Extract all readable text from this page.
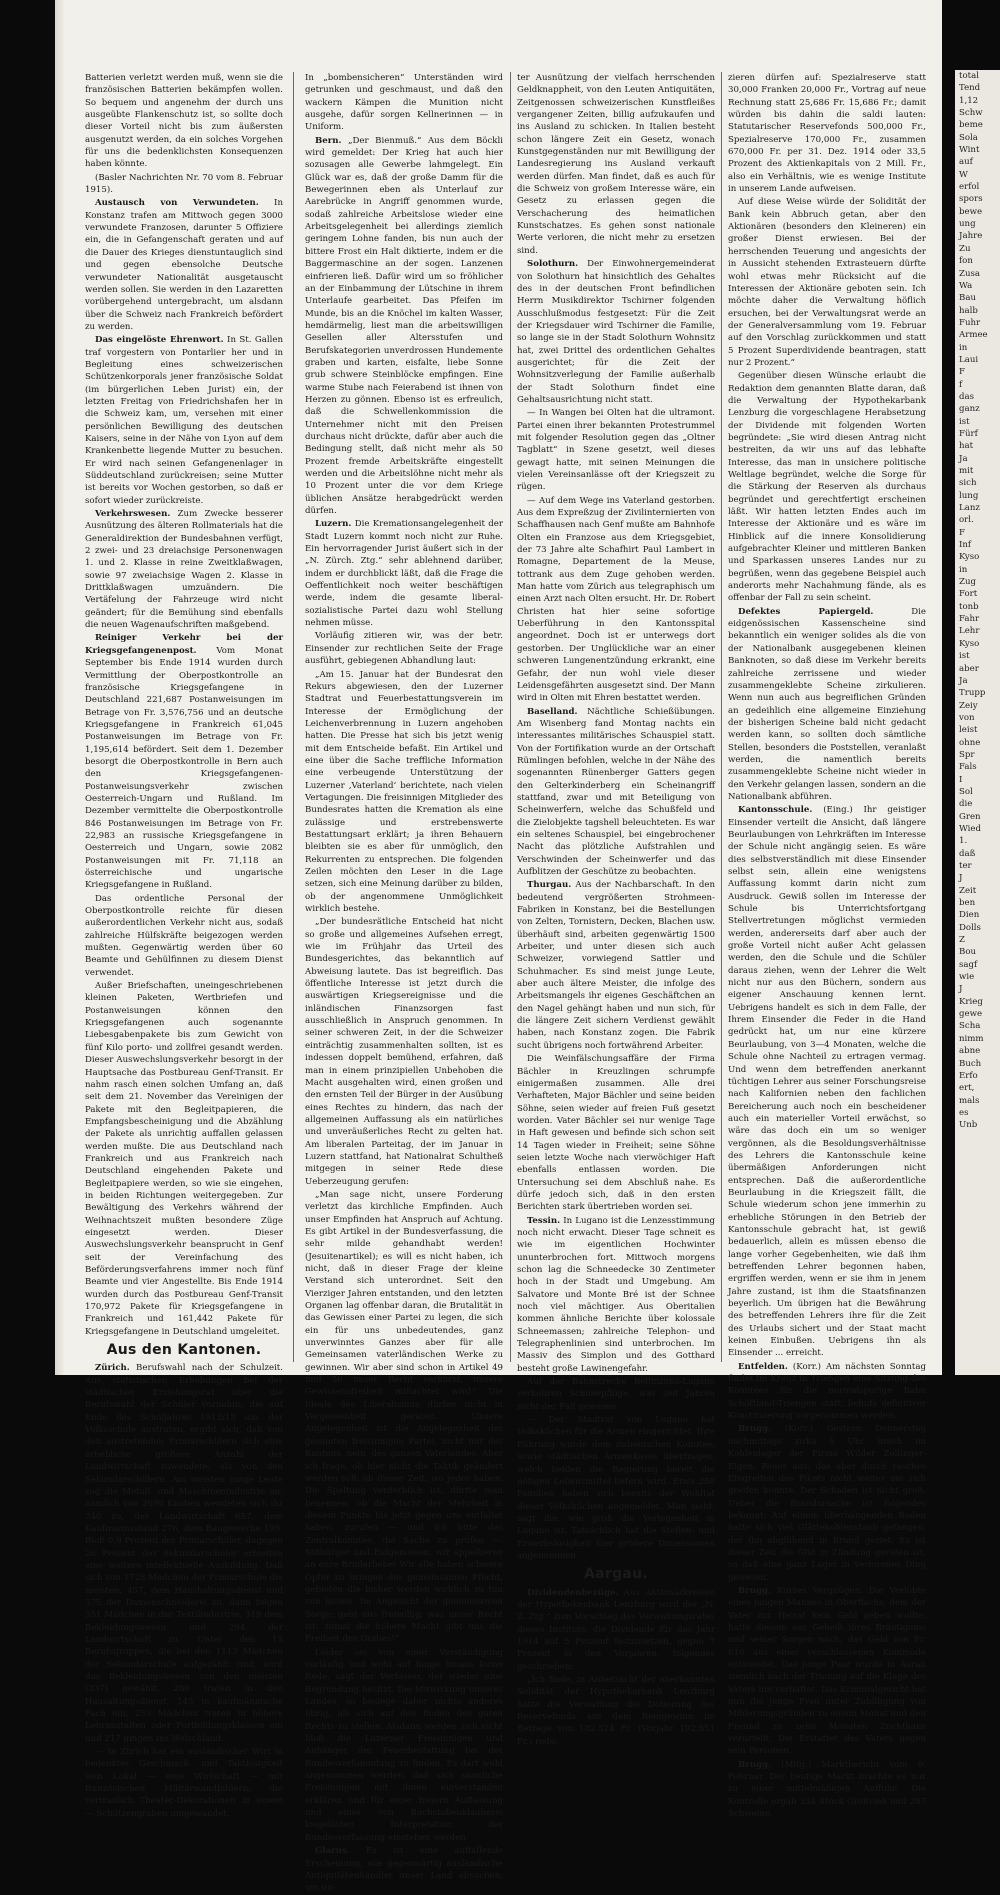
Batterien verletzt werden muß, wenn sie die französischen Batterien bekämpfen wollen. So bequem und angenehm der durch uns ausgeübte Flankenschutz ist, so sollte doch dieser Vorteil nicht bis zum äußersten ausgenutzt werden, da ein solches Vorgehen für uns die bedenklichsten Konsequenzen haben könnte.

(Basler Nachrichten Nr. 70 vom 8. Februar 1915).

Austausch von Verwundeten. In Konstanz trafen am Mittwoch gegen 3000 verwundete Franzosen, darunter 5 Offiziere ein, die in Gefangenschaft geraten und auf die Dauer des Krieges dienstuntauglich sind und gegen ebensolche Deutsche verwundeter Nationalität ausgetauscht werden sollen. Sie werden in den Lazaretten vorübergehend untergebracht, um alsdann über die Schweiz nach Frankreich befördert zu werden.

Das eingelöste Ehrenwort. In St. Gallen traf vorgestern von Pontarlier her und in Begleitung eines schweizerischen Schützenkorporals jener französische Soldat (im bürgerlichen Leben Jurist) ein, der letzten Freitag von Friedrichshafen her in die Schweiz kam, um, versehen mit einer persönlichen Bewilligung des deutschen Kaisers, seine in der Nähe von Lyon auf dem Krankenbette liegende Mutter zu besuchen. Er wird nach seinen Gefangenenlager in Süddeutschland zurückreisen; seine Mutter ist bereits vor Wochen gestorben, so daß er sofort wieder zurückreiste.

Verkehrswesen. Zum Zwecke besserer Ausnützung des älteren Rollmaterials hat die Generaldirektion der Bundesbahnen verfügt, 2 zwei- und 23 dreiachsige Personenwagen 1. und 2. Klasse in reine Zweitklaßwagen, sowie 97 zweiachsige Wagen 2. Klasse in Drittklaßwagen umzuändern. Die Vertäfelung der Fahrzeuge wird nicht geändert; für die Bemühung sind ebenfalls die neuen Wagenaufschriften maßgebend.

Reiniger Verkehr bei der Kriegsgefangenenpost. Vom Monat September bis Ende 1914 wurden durch Vermittlung der Oberpostkontrolle an französische Kriegsgefangene in Deutschland 221,687 Postanweisungen im Betrage von Fr. 3,576,756 und an deutsche Kriegsgefangene in Frankreich 61,045 Postanweisungen im Betrage von Fr. 1,195,614 befördert. Seit dem 1. Dezember besorgt die Oberpostkontrolle in Bern auch den Kriegsgefangenen-Postanweisungsverkehr zwischen Oesterreich-Ungarn und Rußland. Im Dezember vermittelte die Oberpostkontrolle 846 Postanweisungen im Betrage von Fr. 22,983 an russische Kriegsgefangene in Oesterreich und Ungarn, sowie 2082 Postanweisungen mit Fr. 71,118 an österreichische und ungarische Kriegsgefangene in Rußland.

Das ordentliche Personal der Oberpostkontrolle reichte für diesen außerordentlichen Verkehr nicht aus, sodaß zahlreiche Hülfskräfte beigezogen werden mußten. Gegenwärtig werden über 60 Beamte und Gehülfinnen zu diesem Dienst verwendet.

Außer Briefschaften, uneingeschriebenen kleinen Paketen, Wertbriefen und Postanweisungen können den Kriegsgefangenen auch sogenannte Liebesgabenpakete bis zum Gewicht von fünf Kilo porto- und zollfrei gesandt werden. Dieser Auswechslungsverkehr besorgt in der Hauptsache das Postbureau Genf-Transit. Er nahm rasch einen solchen Umfang an, daß seit dem 21. November das Vereinigen der Pakete mit den Begleitpapieren, die Empfangsbescheinigung und die Abzählung der Pakete als unrichtig auffallen gelassen werden mußte. Die aus Deutschland nach Frankreich und aus Frankreich nach Deutschland eingehenden Pakete und Begleitpapiere werden, so wie sie eingehen, in beiden Richtungen weitergegeben. Zur Bewältigung des Verkehrs während der Weihnachtszeit mußten besondere Züge eingesetzt werden. Dieser Auswechslungsverkehr beansprucht in Genf seit der Vereinfachung des Beförderungsverfahrens immer noch fünf Beamte und vier Angestellte. Bis Ende 1914 wurden durch das Postbureau Genf-Transit 170,972 Pakete für Kriegsgefangene in Frankreich und 161,442 Pakete für Kriegsgefangene in Deutschland umgeleitet.

Aus den Kantonen.

Zürich. Berufswahl nach der Schulzeit. Aus statistischen Erhebungen bei der städtischen Erziehungsrat über die Berufswahl der Schüler vornahm, die auf Ende des Schuljahres 1912/13 aus der Volksschule austraten, ergibt sich, daß von den austretenden Primarschülern sich eine erhebliche größere Anzahl der Landwirtschaft zuwendete, als von den Sekundarschülern. Am meisten junge Leute zog die Metall- und Maschinenindustrie an, nämlich von 2698 Knaben wendeten sich ihr 740 zu, der Landwirtschaft 657, dem Kaufmannsstand 276, dem Baugewerbe 195. Bloß 0,9 Prozent der Primarschüler, dagegen 26 Prozent der Sekundarschüler erhielten eine weitere intellektuelle Ausbildung. Daß sich von 1728 Mädchen der Primarschule die meisten, 457, dem Haushaltungsdienst und 375 der Damenschneiderei zu, dann folgen 351 Mädchen in der Textilindustrie, 319 dem Bekleidungswesen und 294 der Landwirtschaft zu. Unter den 13 Berufsgruppen, die bei den 1113 Mädchen der Sekundarschule aufgezählt sind, wird das Bekleidungswesen von den meisten (337) gewählt, 280 traten in den Hausaltungsdienst, 145 in kaufmännische Fach ein; 253 Mädchen traten in höhere Lehranstalten oder Fortbildungsklassen ein und 217 gingen ins Welschland.

— In Zürich hat ein ausländischer Wirt in bedenkter Geschmack- und Taktlosigkeit sein Lokal — eine Wirtschaft — mit französischen Militärwandbildern, die vertraulich Theater-Dekorationen in einem — Schützengraben umgewandet.

In „bombensicheren“ Unterständen wird getrunken und geschmaust, und daß den wackern Kämpen die Munition nicht ausgehe, dafür sorgen Kellnerinnen — in Uniform.

Bern. „Der Bienmuß.“ Aus dem Böckli wird gemeldet: Der Krieg hat auch hier sozusagen alle Gewerbe lahmgelegt. Ein Glück war es, daß der große Damm für die Bewegerinnen eben als Unterlauf zur Aarebrücke in Angriff genommen wurde, sodaß zahlreiche Arbeitslose wieder eine Arbeitsgelegenheit bei allerdings ziemlich geringem Lohne fanden, bis nun auch der bittere Frost ein Halt diktierte, indem er die Baggermaschine an der sogen. Lanzenen einfrieren ließ. Dafür wird um so fröhlicher an der Einbammung der Lütschine in ihrem Unterlaufe gearbeitet. Das Pfeifen im Munde, bis an die Knöchel im kalten Wasser, hemdärmelig, liest man die arbeitswilligen Gesellen aller Altersstufen und Berufskategorien unverdrossen Hundemente graben und karten, eisfalte, liebe Sonne grub schwere Steinblöcke empfingen. Eine warme Stube nach Feierabend ist ihnen von Herzen zu gönnen. Ebenso ist es erfreulich, daß die Schwellenkommission die Unternehmer nicht mit den Preisen durchaus nicht drückte, dafür aber auch die Bedingung stellt, daß nicht mehr als 50 Prozent fremde Arbeitskräfte eingestellt werden und die Arbeitslöhne nicht mehr als 10 Prozent unter die vor dem Kriege üblichen Ansätze herabgedrückt werden dürfen.

Luzern. Die Kremationsangelegenheit der Stadt Luzern kommt noch nicht zur Ruhe. Ein hervorragender Jurist äußert sich in der „N. Zürch. Ztg.“ sehr ablehnend darüber, indem er durchblickt läßt, daß die Frage die Oeffentlichkeit noch weiter beschäftigen werde, indem die gesamte liberal-sozialistische Partei dazu wohl Stellung nehmen müsse.

Vorläufig zitieren wir, was der betr. Einsender zur rechtlichen Seite der Frage ausführt, gebiegenen Abhandlung laut:

„Am 15. Januar hat der Bundesrat den Rekurs abgewiesen, den der Luzerner Stadtrat und Feuerbestattungsverein im Interesse der Ermöglichung der Leichenverbrennung in Luzern angehoben hatten. Die Presse hat sich bis jetzt wenig mit dem Entscheide befaßt. Ein Artikel und eine über die Sache treffliche Information eine verbeugende Unterstützung der Luzerner ‚Vaterland‘ berichtete, nach vielen Vertagungen. Die freisinnigen Mitglieder des Bundesrates hatten die Kremation als eine zulässige und erstrebenswerte Bestattungsart erklärt; ja ihren Behauern bleibten sie es aber für unmöglich, den Rekurrenten zu entsprechen. Die folgenden Zeilen möchten den Leser in die Lage setzen, sich eine Meinung darüber zu bilden, ob der angenommene Unmöglichkeit wirklich bestehe.

„Der bundesrätliche Entscheid hat nicht so große und allgemeines Aufsehen erregt, wie im Frühjahr das Urteil des Bundesgerichtes, das bekanntlich auf Abweisung lautete. Das ist begreiflich. Das öffentliche Interesse ist jetzt durch die auswärtigen Kriegsereignisse und die inländischen Finanzsorgen fast ausschließlich in Anspruch genommen. In seiner schweren Zeit, in der die Schweizer einträchtig zusammenhalten sollten, ist es indessen doppelt bemühend, erfahren, daß man in einem prinzipiellen Unbehoben die Macht ausgehalten wird, einen großen und den ernsten Teil der Bürger in der Ausübung eines Rechtes zu hindern, das nach der allgemeinen Auffassung als ein natürliches und unveräußerliches Recht zu gelten hat. Am liberalen Parteitag, der im Januar in Luzern stattfand, hat Nationalrat Schultheß mitgegen in seiner Rede diese Ueberzeugung gerufen:

„Man sage nicht, unsere Forderung verletzt das kirchliche Empfinden. Auch unser Empfinden hat Anspruch auf Achtung. Es gibt Artikel in der Bundesverfassung, die sehr milde gehandhabt werden! (Jesuitenartikel); es will es nicht haben, ich nicht, daß in dieser Frage der kleine Verstand sich unterordnet. Seit den Vierziger Jahren entstanden, und den letzten Organen lag offenbar daran, die Brutalität in das Gewissen einer Partei zu legen, die sich ein für uns unbedeutendes, ganz unverwinntes Ganzes aber für alle Gemeinsamen vaterländischen Werke zu gewinnen. Wir aber sind schon in Artikel 49 und 50 unser Recht verkürzt, unsere Gewissensfreiheit mißachtet wird? Die Ideale des Liberalismus dürfen nicht in Vergessenheit geraten. Unsere Angelegenheit ist die Angelegenheit der gesamten freisinnigen Partei, nicht nur des Kantons, nein, des ganzen Vaterlandes. Aber ich frage, ob hier nicht die Taktik geändert werden soll; ob dieser Zeit, wo jeder haben. Die Spaltung verderblich ist, dürfte man benennen, ob die Macht der Mehrheit in diesem Punkte bis jetzt gegen uns entfaltet haben, zurufen — und ich bitte das Zentralkomitee, die Sache zu prüfen —: Mitbürger und Eidgenossen, wir appellieren an eure Bruderliebe! Wir alle haben schwere Opfer zu bringen der gemeinsamen Pflicht, gebieten die bisher werden wirklich zu tun von lassen. Im Angesicht der gemeinsamen Sorge: gebt uns freiwillig, was unser Recht ist: zumal die höhere Macht gibt uns die Freiheit des Grabes!“

Leider sei von einer Verständigung vorläufig und wohl auf lange hinaus keine Rede, sagt der Verfasser, der wieder eine Begründung besitzt. Die Mitwirkung unseres Landes, so besiege daher nichts anderes übrig, als sich auf den Boden des guten Rechts zu stellen. Alsdann werden sich nicht bloß die Luzerner Freisinnigen und Anhänger der Feuerbestattung bei der Bundesverfammlung zu finden. Es darf wohl angenommen werden, daß sich sämtliche Freisinnigen mit ihnen einverstanden erklären und für einer freiern Auffassung und einer von Buchstabenklauberei losgelösten Interpretation der Bundesverfassung einstehen werden.

Glarus. Es ist eine auffallende Erscheinung, wie gegenwärtig ausländische Antiquitätenhändler unser Land absuchen, um un-

ter Ausnützung der vielfach herrschenden Geldknappheit, von den Leuten Antiquitäten, Zeitgenossen schweizerischen Kunstfleißes vergangener Zeiten, billig aufzukaufen und ins Ausland zu schicken. In Italien besteht schon längere Zeit ein Gesetz, wonach Kunstgegenständen nur mit Bewilligung der Landesregierung ins Ausland verkauft werden dürfen. Man findet, daß es auch für die Schweiz von großem Interesse wäre, ein Gesetz zu erlassen gegen die Verschacherung des heimatlichen Kunstschatzes. Es gehen sonst nationale Werte verloren, die nicht mehr zu ersetzen sind.

Solothurn. Der Einwohnergemeinderat von Solothurn hat hinsichtlich des Gehaltes des in der deutschen Front befindlichen Herrn Musikdirektor Tschirner folgenden Ausschlußmodus festgesetzt: Für die Zeit der Kriegsdauer wird Tschirner die Familie, so lange sie in der Stadt Solothurn Wohnsitz hat, zwei Drittel des ordentlichen Gehaltes ausgerichtet; für die Zeit der Wohnsitzverlegung der Familie außerhalb der Stadt Solothurn findet eine Gehaltsausrichtung nicht statt.

— In Wangen bei Olten hat die ultramont. Partei einen ihrer bekannten Protestrummel mit folgender Resolution gegen das „Oltner Tagblatt“ in Szene gesetzt, weil dieses gewagt hatte, mit seinen Meinungen die vielen Vereinsanlässe oft der Kriegszeit zu rügen.

— Auf dem Wege ins Vaterland gestorben. Aus dem Expreßzug der Zivilinternierten von Schaffhausen nach Genf mußte am Bahnhofe Olten ein Franzose aus dem Kriegsgebiet, der 73 Jahre alte Schafhirt Paul Lambert in Romagne, Departement de la Meuse, tottrank aus dem Zuge gehoben werden. Man hatte vom Zürich aus telegraphisch um einen Arzt nach Olten ersucht. Hr. Dr. Robert Christen hat hier seine sofortige Ueberführung in den Kantonsspital angeordnet. Doch ist er unterwegs dort gestorben. Der Unglückliche war an einer schweren Lungenentzündung erkrankt, eine Gefahr, der nun wohl viele dieser Leidensgefährten ausgesetzt sind. Der Mann wird in Olten mit Ehren bestattet werden.

Baselland. Nächtliche Schießübungen. Am Wisenberg fand Montag nachts ein interessantes militärisches Schauspiel statt. Von der Fortifikation wurde an der Ortschaft Rümlingen befohlen, welche in der Nähe des sogenannten Rünenberger Gatters gegen den Gelterkinderberg ein Scheinangriff stattfand, zwar und mit Beteiligung von Scheinwerfern, welche das Schußfeld und die Zielobjekte tagshell beleuchteten. Es war ein seltenes Schauspiel, bei eingebrochener Nacht das plötzliche Aufstrahlen und Verschwinden der Scheinwerfer und das Aufblitzen der Geschütze zu beobachten.

Thurgau. Aus der Nachbarschaft. In den bedeutend vergrößerten Strohmeen-Fabriken in Konstanz, bei die Bestellungen von Zelten, Tornistern, Decken, Blachen usw. überhäuft sind, arbeiten gegenwärtig 1500 Arbeiter, und unter diesen sich auch Schweizer, vorwiegend Sattler und Schuhmacher. Es sind meist junge Leute, aber auch ältere Meister, die infolge des Arbeitsmangels ihr eigenes Geschäftchen an den Nagel gehängt haben und nun sich, für die längere Zeit sichern Verdienst gewählt haben, nach Konstanz zogen. Die Fabrik sucht übrigens noch fortwährend Arbeiter.

Die Weinfälschungsaffäre der Firma Bächler in Kreuzlingen schrumpfe einigermaßen zusammen. Alle drei Verhafteten, Major Bächler und seine beiden Söhne, seien wieder auf freien Fuß gesetzt worden. Vater Bächler sei nur wenige Tage in Haft gewesen und befinde sich schon seit 14 Tagen wieder in Freiheit; seine Söhne seien letzte Woche nach vierwöchiger Haft ebenfalls entlassen worden. Die Untersuchung sei dem Abschluß nahe. Es dürfe jedoch sich, daß in den ersten Berichten stark übertrieben worden sei.

Tessin. In Lugano ist die Lenzesstimmung noch nicht erwacht. Dieser Tage schneit es wie im eigentlichen Hochwinter ununterbrochen fort. Mittwoch morgens schon lag die Schneedecke 30 Zentimeter hoch in der Stadt und Umgebung. Am Salvatore und Monte Bré ist der Schnee noch viel mächtiger. Aus Oberitalien kommen ähnliche Berichte über kolossale Schneemassen; zahlreiche Telephon- und Telegraphenlinien sind unterbrochen. Im Massiv des Simplon und des Gotthard besteht große Lawinengefahr.

Auf der Bahnstrecke Bellinzona-Lugano verkehren Schneepflüge, was seit Jahren nicht der Fall gewesen.

— Der Stadtrat von Lugano hat Volksküchen für die Armen eingerichtet. Ihre Führung wurde dem italienischen Komitee, sowie städtischen Armenkasse übertragen, welch beiden die Regierung bereit die nötigen Lebensmittel liefern wird. Etwa 250 Familien haben sich bereits der Wohltat dieser Volksküchen angemeldet. Man sieht, sagt die, wie groß die Verlegenheit in Lugano ist. Tatsächlich hat die Stellen- und Erwerbslosigkeit hier größere Dimensionen angenommen.

Aargau.

Dividendenbezüge. Aus Aktionärkreisen der Hypothekenbank Lenzburg wird der „N. Z. Ztg.“ zum Vorschlag des Verwaltungsrates dieses Instituts, die Dividende für das Jahr 1914 auf 5 Prozent festzusetzen, gegen 7 Prozent in den Vorjahren, folgendes geschrieben:

„Ich finde, in Anbetracht der anerkannten Solidität der Hypothekarbank Lenzburg hätte die Verwaltung die Dotierung des Reservefonds aus dem Reingewinn im Betrage von 182,524 Fr. (Vorjahr 192,851 Fr.) redu-

zieren dürfen auf: Spezialreserve statt 30,000 Franken 20,000 Fr., Vortrag auf neue Rechnung statt 25,686 Fr. 15,686 Fr.; damit würden bis dahin die saldi lauten: Statutarischer Reservefonds 500,000 Fr., Spezialreserve 170,000 Fr., zusammen 670,000 Fr. per 31. Dez. 1914 oder 33,5 Prozent des Aktienkapitals von 2 Mill. Fr., also ein Verhältnis, wie es wenige Institute in unserem Lande aufweisen.

Auf diese Weise würde der Solidität der Bank kein Abbruch getan, aber den Aktionären (besonders den Kleineren) ein großer Dienst erwiesen. Bei der herrschenden Teuerung und angesichts der in Aussicht stehenden Extrasteuern dürfte wohl etwas mehr Rücksicht auf die Interessen der Aktionäre geboten sein. Ich möchte daher die Verwaltung höflich ersuchen, bei der Verwaltungsrat werde an der Generalversammlung vom 19. Februar auf den Vorschlag zurückkommen und statt 5 Prozent Superdividende beantragen, statt nur 2 Prozent.“

Gegenüber diesen Wünsche erlaubt die Redaktion dem genannten Blatte daran, daß die Verwaltung der Hypothekarbank Lenzburg die vorgeschlagene Herabsetzung der Dividende mit folgenden Worten begründete: „Sie wird diesen Antrag nicht bestreiten, da wir uns auf das lebhafte Interesse, das man in unsichere politische Weltlage begründet, welche die Sorge für die Stärkung der Reserven als durchaus begründet und gerechtfertigt erscheinen läßt. Wir hatten letzten Endes auch im Interesse der Aktionäre und es wäre im Hinblick auf die innere Konsolidierung aufgebrachter Kleiner und mittleren Banken und Sparkassen unseres Landes nur zu begrüßen, wenn das gegebene Beispiel auch anderorts mehr Nachahmung fände, als es offenbar der Fall zu sein scheint.

Defektes Papiergeld. Die eidgenössischen Kassenscheine sind bekanntlich ein weniger solides als die von der Nationalbank ausgegebenen kleinen Banknoten, so daß diese im Verkehr bereits zahlreiche zerrissene und wieder zusammengeklebte Scheine zirkulieren. Wenn nun auch aus begreiflichen Gründen an gedeihlich eine allgemeine Einziehung der bisherigen Scheine bald nicht gedacht werden kann, so sollten doch sämtliche Stellen, besonders die Poststellen, veranlaßt werden, die namentlich bereits zusammengeklebte Scheine nicht wieder in den Verkehr gelangen lassen, sondern an die Nationalbank abführen.

Kantonsschule. (Eing.) Ihr geistiger Einsender verteilt die Ansicht, daß längere Beurlaubungen von Lehrkräften im Interesse der Schule nicht angängig seien. Es wäre dies selbstverständlich mit diese Einsender selbst sein, allein eine wenigstens Auffassung kommt darin nicht zum Ausdruck. Gewiß sollen im Interesse der Schule bis Unterrichtsfortgang Stellvertretungen möglichst vermieden werden, andererseits darf aber auch der große Vorteil nicht außer Acht gelassen werden, den die Schule und die Schüler daraus ziehen, wenn der Lehrer die Welt nicht nur aus den Büchern, sondern aus eigener Anschauung kennen lernt. Uebrigens handelt es sich in dem Falle, der Ihrem Einsender die Feder in die Hand gedrückt hat, um nur eine kürzere Beurlaubung, von 3—4 Monaten, welche die Schule ohne Nachteil zu ertragen vermag. Und wenn dem betreffenden anerkannt tüchtigen Lehrer aus seiner Forschungsreise nach Kalifornien neben den fachlichen Bereicherung auch noch ein bescheidener auch ein materieller Vorteil erwächst, so wäre das doch ein um so weniger vergönnen, als die Besoldungsverhältnisse des Lehrers die Kantonsschule keine übermäßigen Anforderungen nicht entsprechen. Daß die außerordentliche Beurlaubung in die Kriegszeit fällt, die Schule wiederum schon jene immerhin zu erhebliche Störungen in den Betrieb der Kantonsschule gebracht hat, ist gewiß bedauerlich, allein es müssen ebenso die lange vorher Gegebenheiten, wie daß ihm betreffenden Lehrer begonnen haben, ergriffen werden, wenn er sie ihm in jenem Jahre zustand, ist ihm die Staatsfinanzen beyerlich. Um übrigen hat die Bewährung des betreffenden Lehrers ihre für die Zeit des Urlaubs sichert und der Staat macht keinen Einbußen. Uebrigens ihn als Einsender ... erreicht.

Entfelden. (Korr.) Am nächsten Sonntag findet im Kreuz in Triengen eine Sitzung des Komitees für die normalspurige Bahn Schöftland-Triengen statt, behufs definitiver Konstituierung vorgenommen werden.

Brugg. (Korr.) Gestern Donnerstag nachmittags zirka 5 Uhr brach im Kohlenlager der Firma Wilder Zollinger-Eigen, Feuer aus, das aber durch rasches Eingreifen des Pikets nicht weiter um sich greifen konnte. Der Schaden ist nicht groß. Ueber die Brandursache ist folgendes bekannt: Auf einem überhängenden Boden hatte sich viel Glättekohlenstaub gefangen, der ihn abglühend in Brand geriet. Es ist dieser Zeit die Glut in Zündung geraten ist, so daß eine ganz Lager in verlorenes Ding gewesen.

Brugg. Kurzes Vergnügen. Die Verlobte eines jungen Mannes in Oberflachs, dem der Vater zur Heirat kein Geld geben wollte, hatte diesem aus Geheiß ihres Bräutigams und seiner Sorgen nach, das Geld von Fr. 610 aus einer verschlossenen Kommode entwendet. Das junge Paar wurde in Aarau ziemlich nach der Trauung auf die Klage des Vaters hin verhaftet. Das Kriminalgericht hat nun die junge Frau unter Zubilligung von Milderungsgründen zu einem Monat und den Freund zu zehn Monaten Zuchthaus verurteilt. Die Erstattet des Vaters gegen sein Personen.

Brugg. (Mitg.) Marktbericht vom 9. Februar. Der heutige Markt brachte es nur zu einer mittelmäßigen Auffuhr. Die Kontrolle ergab 334 Stück Großvieh und 287 Schweine,

total
Tend
1,12
Schw
beme
Sola
Wint
auf
W
erfol
spors
bewe
ung
Jahre
Zu
fon
Zusa
Wa
Bau
halb
Fuhr
Armee
in
Laui
F
f
das
ganz
ist
Fürf
hat
Ja
mit
sich
lung
Lanz
orl.
F
Inf
Kyso
in
Zug
Fort
tonb
Fahr
Lehr
Kyso
ist
aber
Ja
Trupp
Zeiy
von
leist
ohne
Spr
Fals
I
Sol
die
Gren
Wied
1.
daß
ter
J
Zeit
ben
Dien
Dolls
Z
Bou
sagf
wie
J
Krieg
gewe
Scha
nimm
abne
Buch
Erfo
ert,
mals
es
Unb
